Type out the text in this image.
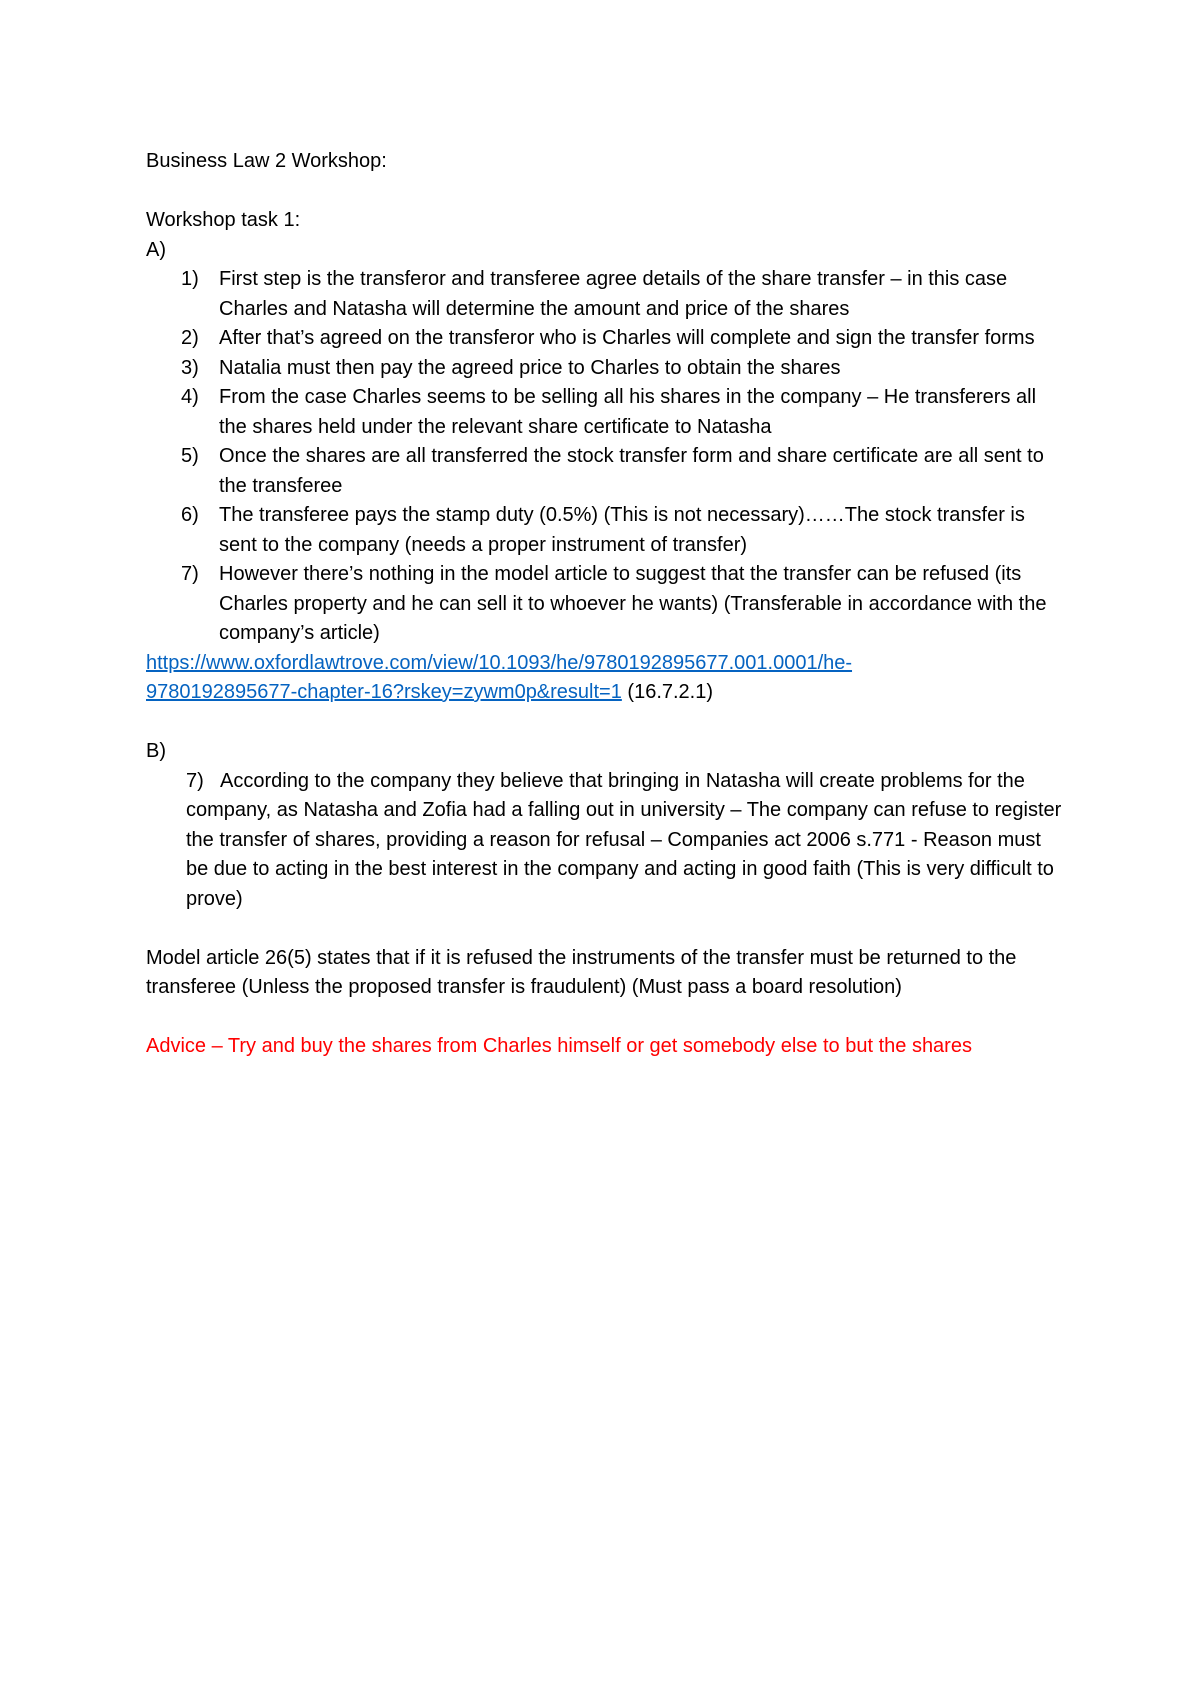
Business Law 2 Workshop:

Workshop task 1:

A)

1) First step is the transferor and transferee agree details of the share transfer – in this case Charles and Natasha will determine the amount and price of the shares
2) After that’s agreed on the transferor who is Charles will complete and sign the transfer forms
3) Natalia must then pay the agreed price to Charles to obtain the shares
4) From the case Charles seems to be selling all his shares in the company – He transferers all the shares held under the relevant share certificate to Natasha
5) Once the shares are all transferred the stock transfer form and share certificate are all sent to the transferee
6) The transferee pays the stamp duty (0.5%) (This is not necessary)……The stock transfer is sent to the company (needs a proper instrument of transfer)
7) However there’s nothing in the model article to suggest that the transfer can be refused (its Charles property and he can sell it to whoever he wants) (Transferable in accordance with the company’s article)

https://www.oxfordlawtrove.com/view/10.1093/he/9780192895677.001.0001/he-

9780192895677-chapter-16?rskey=zywm0p&result=1 (16.7.2.1)

B)

7) According to the company they believe that bringing in Natasha will create problems for the company, as Natasha and Zofia had a falling out in university – The company can refuse to register the transfer of shares, providing a reason for refusal – Companies act 2006 s.771 - Reason must be due to acting in the best interest in the company and acting in good faith (This is very difficult to prove)

Model article 26(5) states that if it is refused the instruments of the transfer must be returned to the transferee (Unless the proposed transfer is fraudulent) (Must pass a board resolution)

Advice – Try and buy the shares from Charles himself or get somebody else to but the shares
